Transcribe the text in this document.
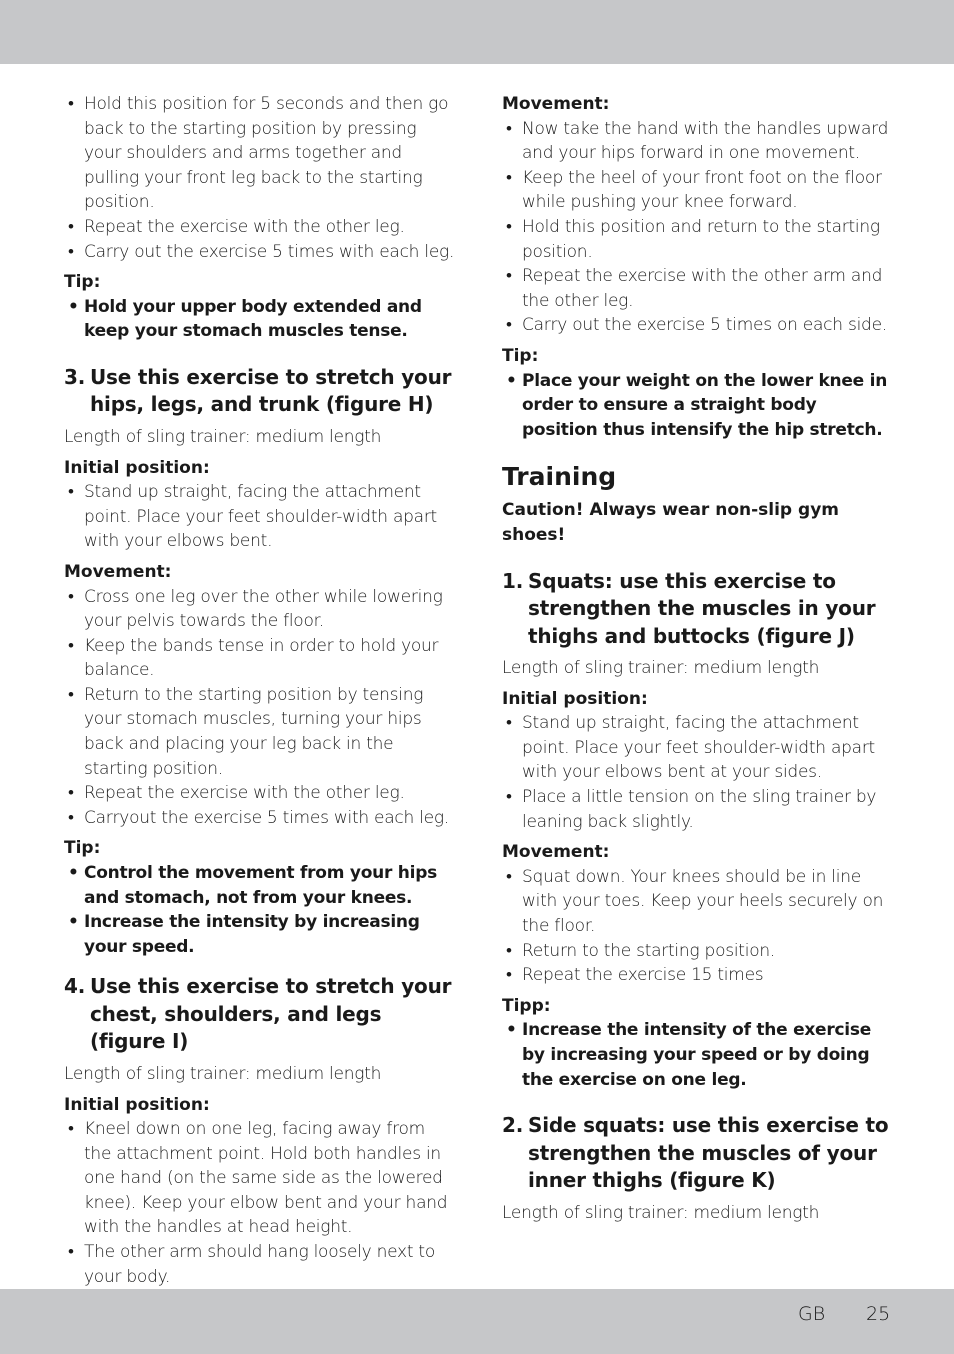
• Hold this position for 5 seconds and then go back to the starting position by pressing your shoulders and arms together and pulling your front leg back to the starting position.
• Repeat the exercise with the other leg.
• Carry out the exercise 5 times with each leg.

Tip:

• Hold your upper body extended and keep your stomach muscles tense.
3. Use this exercise to stretch your hips, legs, and trunk (figure H)
Length of sling trainer: medium length

Initial position:

• Stand up straight, facing the attachment point. Place your feet shoulder-width apart with your elbows bent.

Movement:

• Cross one leg over the other while lowering your pelvis towards the floor.
• Keep the bands tense in order to hold your balance.
• Return to the starting position by tensing your stomach muscles, turning your hips back and placing your leg back in the starting position.
• Repeat the exercise with the other leg.
• Carryout the exercise 5 times with each leg.

Tip:

• Control the movement from your hips and stomach, not from your knees.
• Increase the intensity by increasing your speed.
4. Use this exercise to stretch your chest, shoulders, and legs (figure I)
Length of sling trainer: medium length

Initial position:

• Kneel down on one leg, facing away from the attachment point. Hold both handles in one hand (on the same side as the lowered knee). Keep your elbow bent and your hand with the handles at head height.
• The other arm should hang loosely next to your body.

Movement:

• Now take the hand with the handles upward and your hips forward in one movement.
• Keep the heel of your front foot on the floor while pushing your knee forward.
• Hold this position and return to the starting position.
• Repeat the exercise with the other arm and the other leg.
• Carry out the exercise 5 times on each side.

Tip:

• Place your weight on the lower knee in order to ensure a straight body position thus intensify the hip stretch.
Training

Caution! Always wear non-slip gym shoes!

1. Squats: use this exercise to strengthen the muscles in your thighs and buttocks (figure J)
Length of sling trainer: medium length

Initial position:

• Stand up straight, facing the attachment point. Place your feet shoulder-width apart with your elbows bent at your sides.
• Place a little tension on the sling trainer by leaning back slightly.

Movement:

• Squat down. Your knees should be in line with your toes. Keep your heels securely on the floor.
• Return to the starting position.
• Repeat the exercise 15 times

Tipp:

• Increase the intensity of the exercise by increasing your speed or by doing the exercise on one leg.
2. Side squats: use this exercise to strengthen the muscles of your inner thighs (figure K)
Length of sling trainer: medium length
GB 25
